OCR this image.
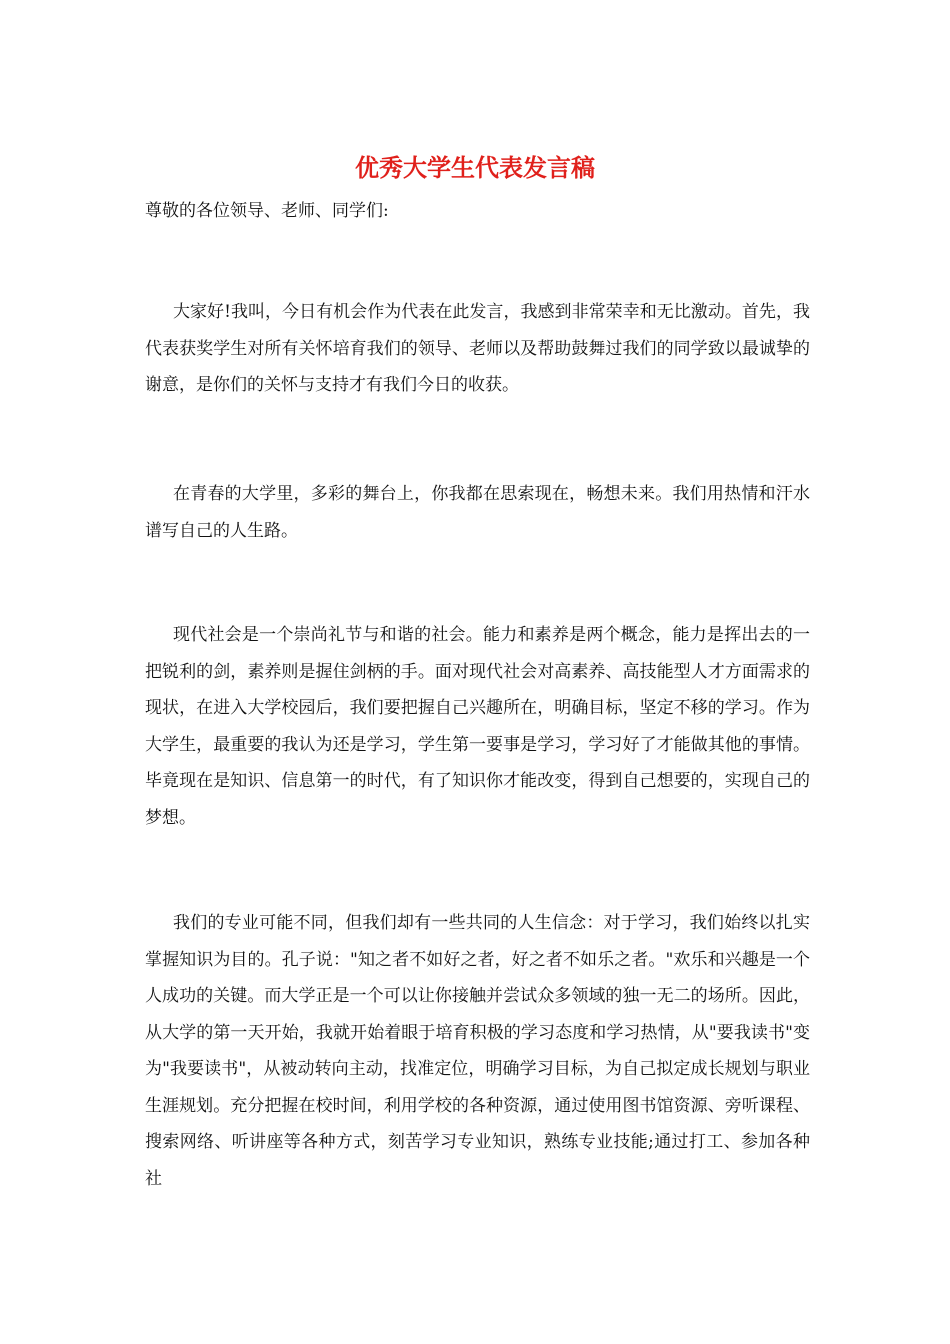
优秀大学生代表发言稿

尊敬的各位领导、老师、同学们:

大家好!我叫，今日有机会作为代表在此发言，我感到非常荣幸和无比激动。首先，我代表获奖学生对所有关怀培育我们的领导、老师以及帮助鼓舞过我们的同学致以最诚挚的谢意，是你们的关怀与支持才有我们今日的收获。

在青春的大学里，多彩的舞台上，你我都在思索现在，畅想未来。我们用热情和汗水谱写自己的人生路。

现代社会是一个崇尚礼节与和谐的社会。能力和素养是两个概念，能力是挥出去的一把锐利的剑，素养则是握住剑柄的手。面对现代社会对高素养、高技能型人才方面需求的现状，在进入大学校园后，我们要把握自己兴趣所在，明确目标，坚定不移的学习。作为大学生，最重要的我认为还是学习，学生第一要事是学习，学习好了才能做其他的事情。毕竟现在是知识、信息第一的时代，有了知识你才能改变，得到自己想要的，实现自己的梦想。

我们的专业可能不同，但我们却有一些共同的人生信念：对于学习，我们始终以扎实掌握知识为目的。孔子说："知之者不如好之者，好之者不如乐之者。"欢乐和兴趣是一个人成功的关键。而大学正是一个可以让你接触并尝试众多领域的独一无二的场所。因此，从大学的第一天开始，我就开始着眼于培育积极的学习态度和学习热情，从"要我读书"变为"我要读书"，从被动转向主动，找准定位，明确学习目标，为自己拟定成长规划与职业生涯规划。充分把握在校时间，利用学校的各种资源，通过使用图书馆资源、旁听课程、搜索网络、听讲座等各种方式，刻苦学习专业知识，熟练专业技能;通过打工、参加各种社
